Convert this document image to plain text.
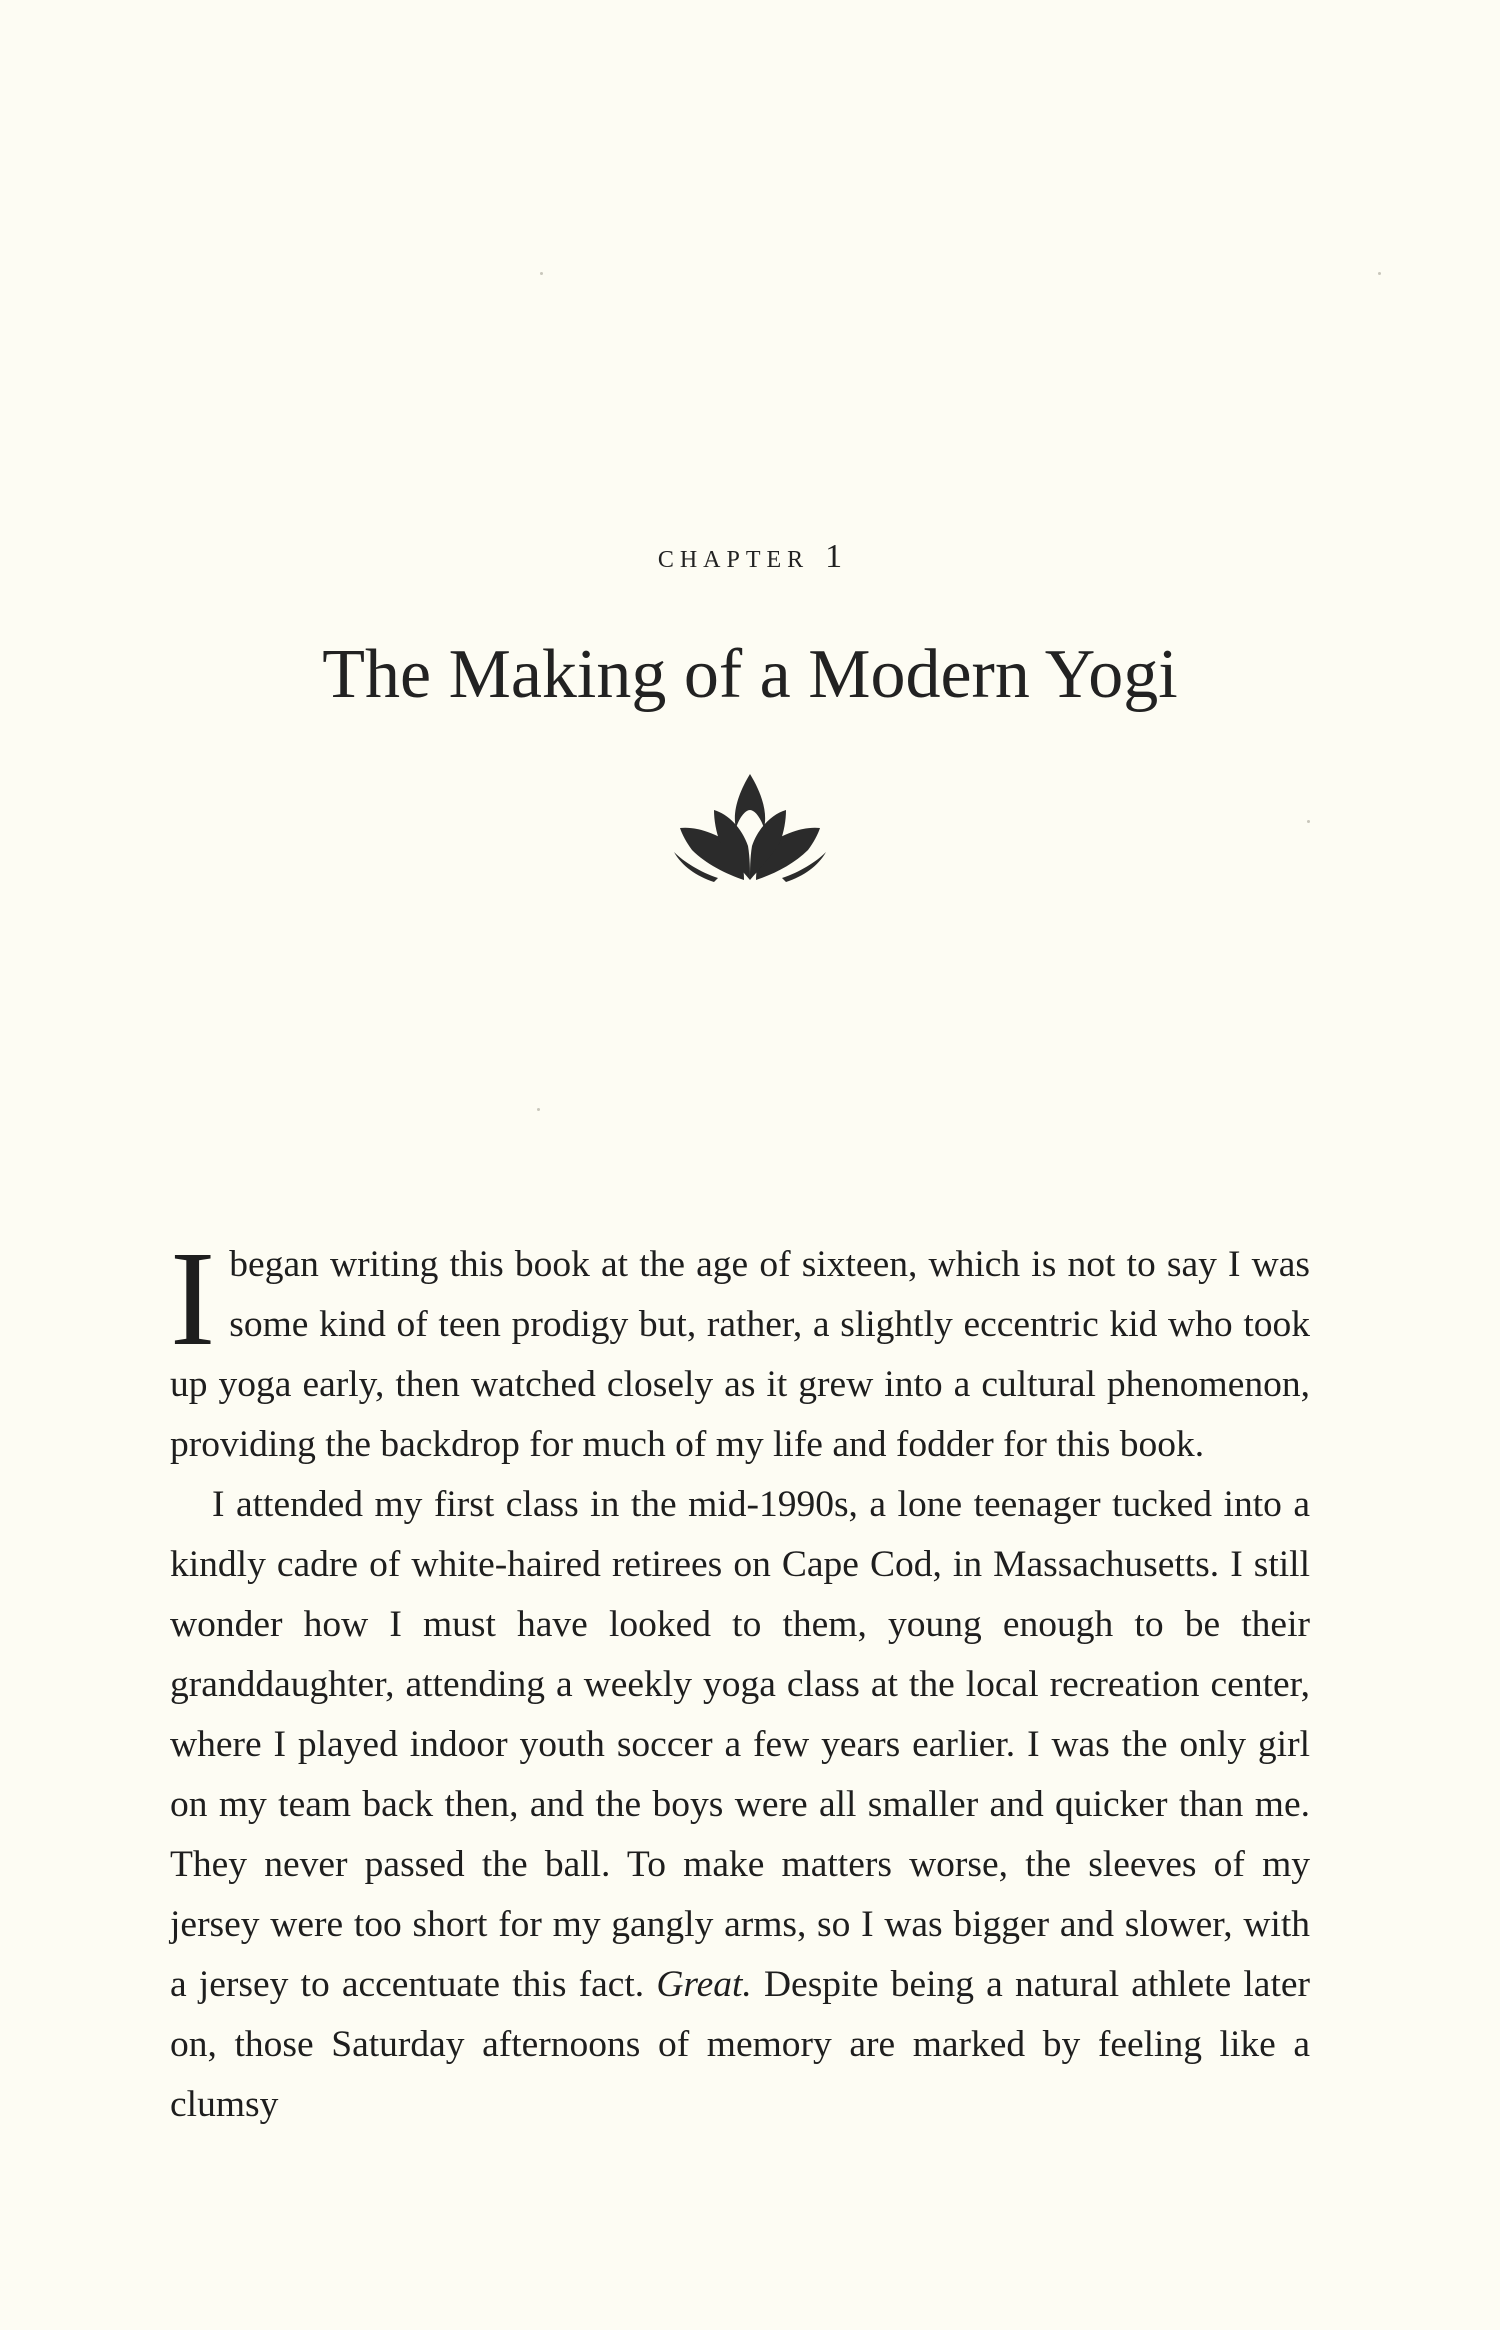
CHAPTER 1
The Making of a Modern Yogi

I began writing this book at the age of sixteen, which is not to say I was some kind of teen prodigy but, rather, a slightly eccentric kid who took up yoga early, then watched closely as it grew into a cultural phenomenon, providing the backdrop for much of my life and fodder for this book.

I attended my first class in the mid-1990s, a lone teenager tucked into a kindly cadre of white-haired retirees on Cape Cod, in Massachusetts. I still wonder how I must have looked to them, young enough to be their granddaughter, attending a weekly yoga class at the local recreation center, where I played indoor youth soccer a few years earlier. I was the only girl on my team back then, and the boys were all smaller and quicker than me. They never passed the ball. To make matters worse, the sleeves of my jersey were too short for my gangly arms, so I was bigger and slower, with a jersey to accentuate this fact. Great. Despite being a natural athlete later on, those Saturday afternoons of memory are marked by feeling like a clumsy
